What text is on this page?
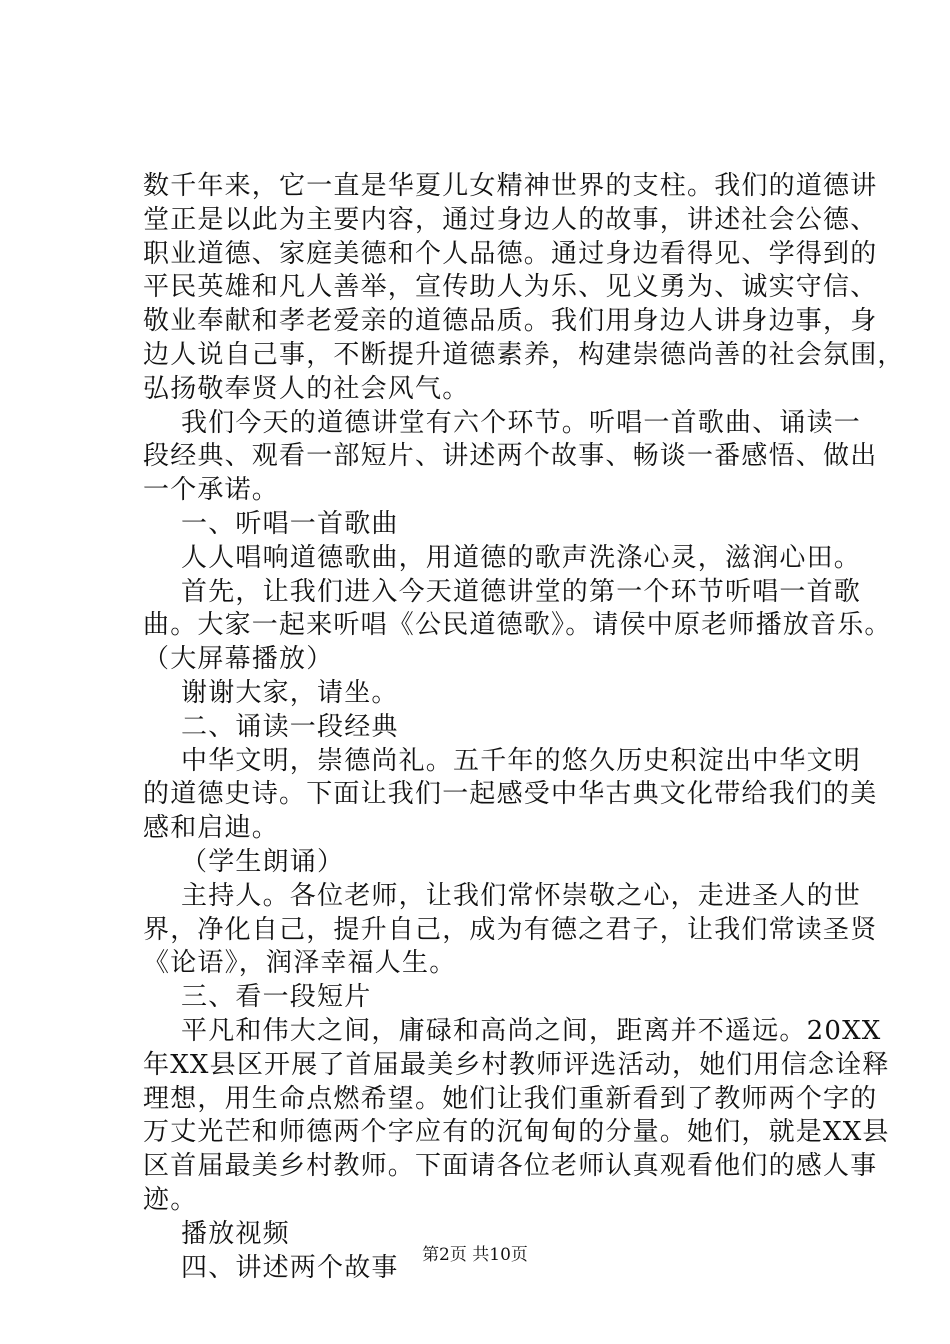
数千年来，它一直是华夏儿女精神世界的支柱。我们的道德讲
堂正是以此为主要内容，通过身边人的故事，讲述社会公德、
职业道德、家庭美德和个人品德。通过身边看得见、学得到的
平民英雄和凡人善举，宣传助人为乐、见义勇为、诚实守信、
敬业奉献和孝老爱亲的道德品质。我们用身边人讲身边事，身
边人说自己事，不断提升道德素养，构建崇德尚善的社会氛围，
弘扬敬奉贤人的社会风气。
我们今天的道德讲堂有六个环节。听唱一首歌曲、诵读一
段经典、观看一部短片、讲述两个故事、畅谈一番感悟、做出
一个承诺。
一、听唱一首歌曲
人人唱响道德歌曲，用道德的歌声洗涤心灵，滋润心田。
首先，让我们进入今天道德讲堂的第一个环节听唱一首歌
曲。大家一起来听唱《公民道德歌》。请侯中原老师播放音乐。
（大屏幕播放）
谢谢大家，请坐。
二、诵读一段经典
中华文明，崇德尚礼。五千年的悠久历史积淀出中华文明
的道德史诗。下面让我们一起感受中华古典文化带给我们的美
感和启迪。
（学生朗诵）
主持人。各位老师，让我们常怀崇敬之心，走进圣人的世
界，净化自己，提升自己，成为有德之君子，让我们常读圣贤
《论语》，润泽幸福人生。
三、看一段短片
平凡和伟大之间，庸碌和高尚之间，距离并不遥远。20XX
年XX县区开展了首届最美乡村教师评选活动，她们用信念诠释
理想，用生命点燃希望。她们让我们重新看到了教师两个字的
万丈光芒和师德两个字应有的沉甸甸的分量。她们，就是XX县
区首届最美乡村教师。下面请各位老师认真观看他们的感人事
迹。
播放视频
四、讲述两个故事	第2页 共10页
